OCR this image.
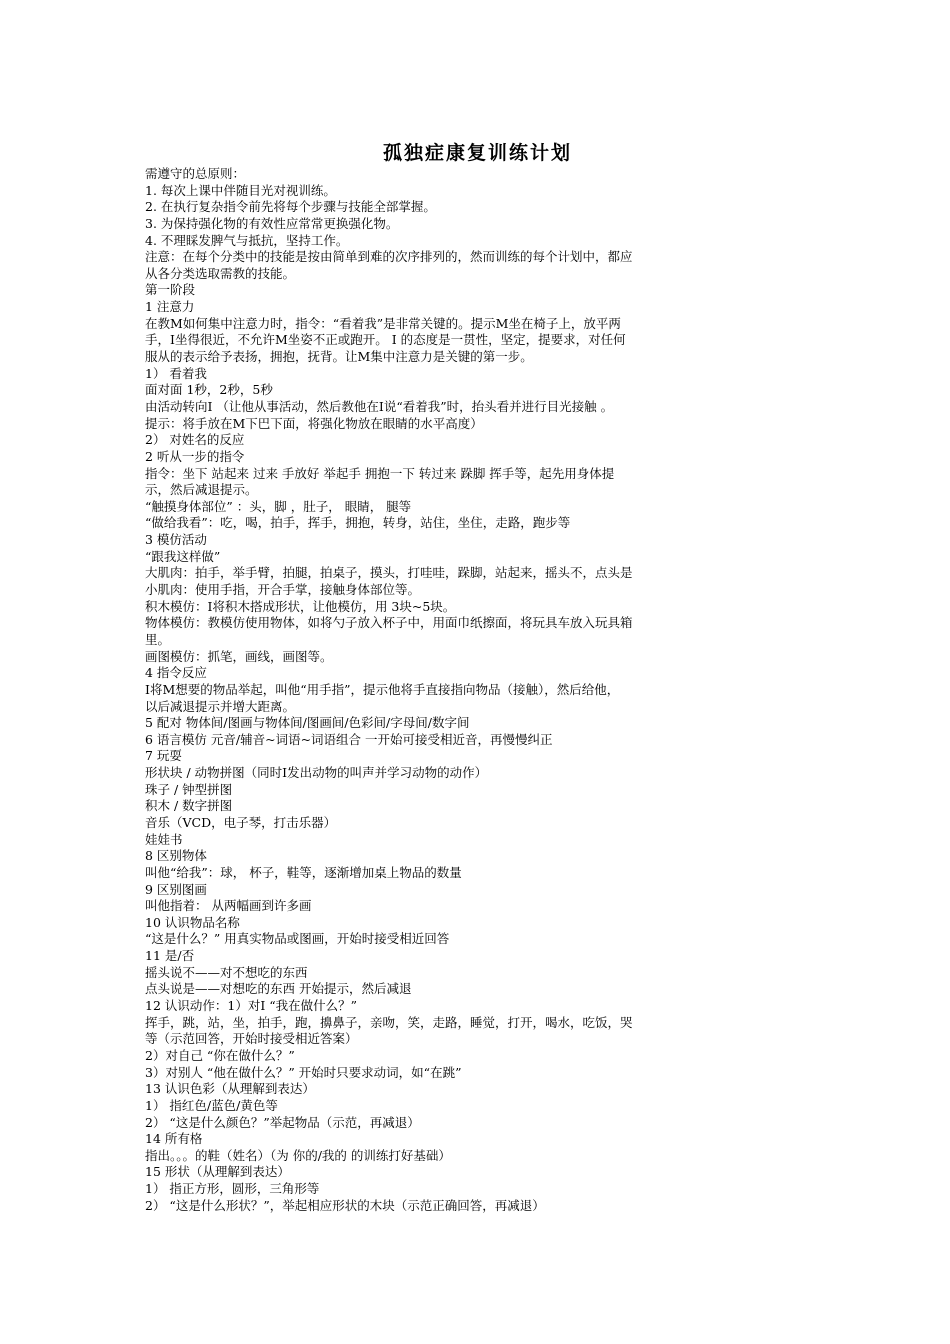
孤独症康复训练计划
需遵守的总原则：
1. 每次上课中伴随目光对视训练。
2. 在执行复杂指令前先将每个步骤与技能全部掌握。
3. 为保持强化物的有效性应常常更换强化物。
4. 不理睬发脾气与抵抗，坚持工作。
注意：在每个分类中的技能是按由简单到难的次序排列的，然而训练的每个计划中，都应
从各分类选取需教的技能。
第一阶段
1 注意力
在教M如何集中注意力时，指令：“看着我”是非常关键的。提示M坐在椅子上，放平两
手，I坐得很近，不允许M坐姿不正或跑开。 I 的态度是一贯性，坚定，提要求，对任何
服从的表示给予表扬，拥抱，抚背。让M集中注意力是关键的第一步。
1） 看着我
面对面 1秒，2秒，5秒
由活动转向I （让他从事活动，然后教他在I说“看着我”时，抬头看并进行目光接触 。
提示：将手放在M下巴下面，将强化物放在眼睛的水平高度）
2） 对姓名的反应
2 听从一步的指令
指令：坐下 站起来 过来 手放好 举起手 拥抱一下 转过来 跺脚 挥手等，起先用身体提
示，然后减退提示。
“触摸身体部位” ：头，脚 ，肚子， 眼睛， 腿等
“做给我看”：吃，喝，拍手，挥手，拥抱，转身，站住，坐住，走路，跑步等
3 模仿活动
“跟我这样做”
大肌肉：拍手，举手臂，拍腿，拍桌子，摸头，打哇哇，跺脚，站起来，摇头不，点头是
小肌肉：使用手指，开合手掌，接触身体部位等。
积木模仿：I将积木搭成形状，让他模仿，用 3块~5块。
物体模仿：教模仿使用物体，如将勺子放入杯子中，用面巾纸擦面，将玩具车放入玩具箱
里。
画图模仿：抓笔，画线，画图等。
4 指令反应
I将M想要的物品举起，叫他“用手指”，提示他将手直接指向物品（接触），然后给他，
以后减退提示并增大距离。
5 配对 物体间/图画与物体间/图画间/色彩间/字母间/数字间
6 语言模仿 元音/辅音~词语~词语组合 一开始可接受相近音，再慢慢纠正
7 玩耍
形状块 / 动物拼图（同时I发出动物的叫声并学习动物的动作）
珠子 / 钟型拼图
积木 / 数字拼图
音乐（VCD，电子琴，打击乐器）
娃娃书
8 区别物体
叫他“给我”：球， 杯子，鞋等，逐渐增加桌上物品的数量
9 区别图画
叫他指着： 从两幅画到许多画
10 认识物品名称
“这是什么？” 用真实物品或图画，开始时接受相近回答
11 是/否
摇头说不——对不想吃的东西
点头说是——对想吃的东西 开始提示，然后减退
12 认识动作：1）对I “我在做什么？”
挥手，跳，站，坐，拍手，跑，擤鼻子，亲吻，笑，走路，睡觉，打开，喝水，吃饭，哭
等（示范回答，开始时接受相近答案）
2）对自己 “你在做什么？”
3）对别人 “他在做什么？” 开始时只要求动词，如“在跳”
13 认识色彩（从理解到表达）
1） 指红色/蓝色/黄色等
2） “这是什么颜色？”举起物品（示范，再减退）
14 所有格
指出。。。的鞋（姓名）（为 你的/我的 的训练打好基础）
15 形状（从理解到表达）
1） 指正方形，圆形，三角形等
2） “这是什么形状？”，举起相应形状的木块（示范正确回答，再减退）
